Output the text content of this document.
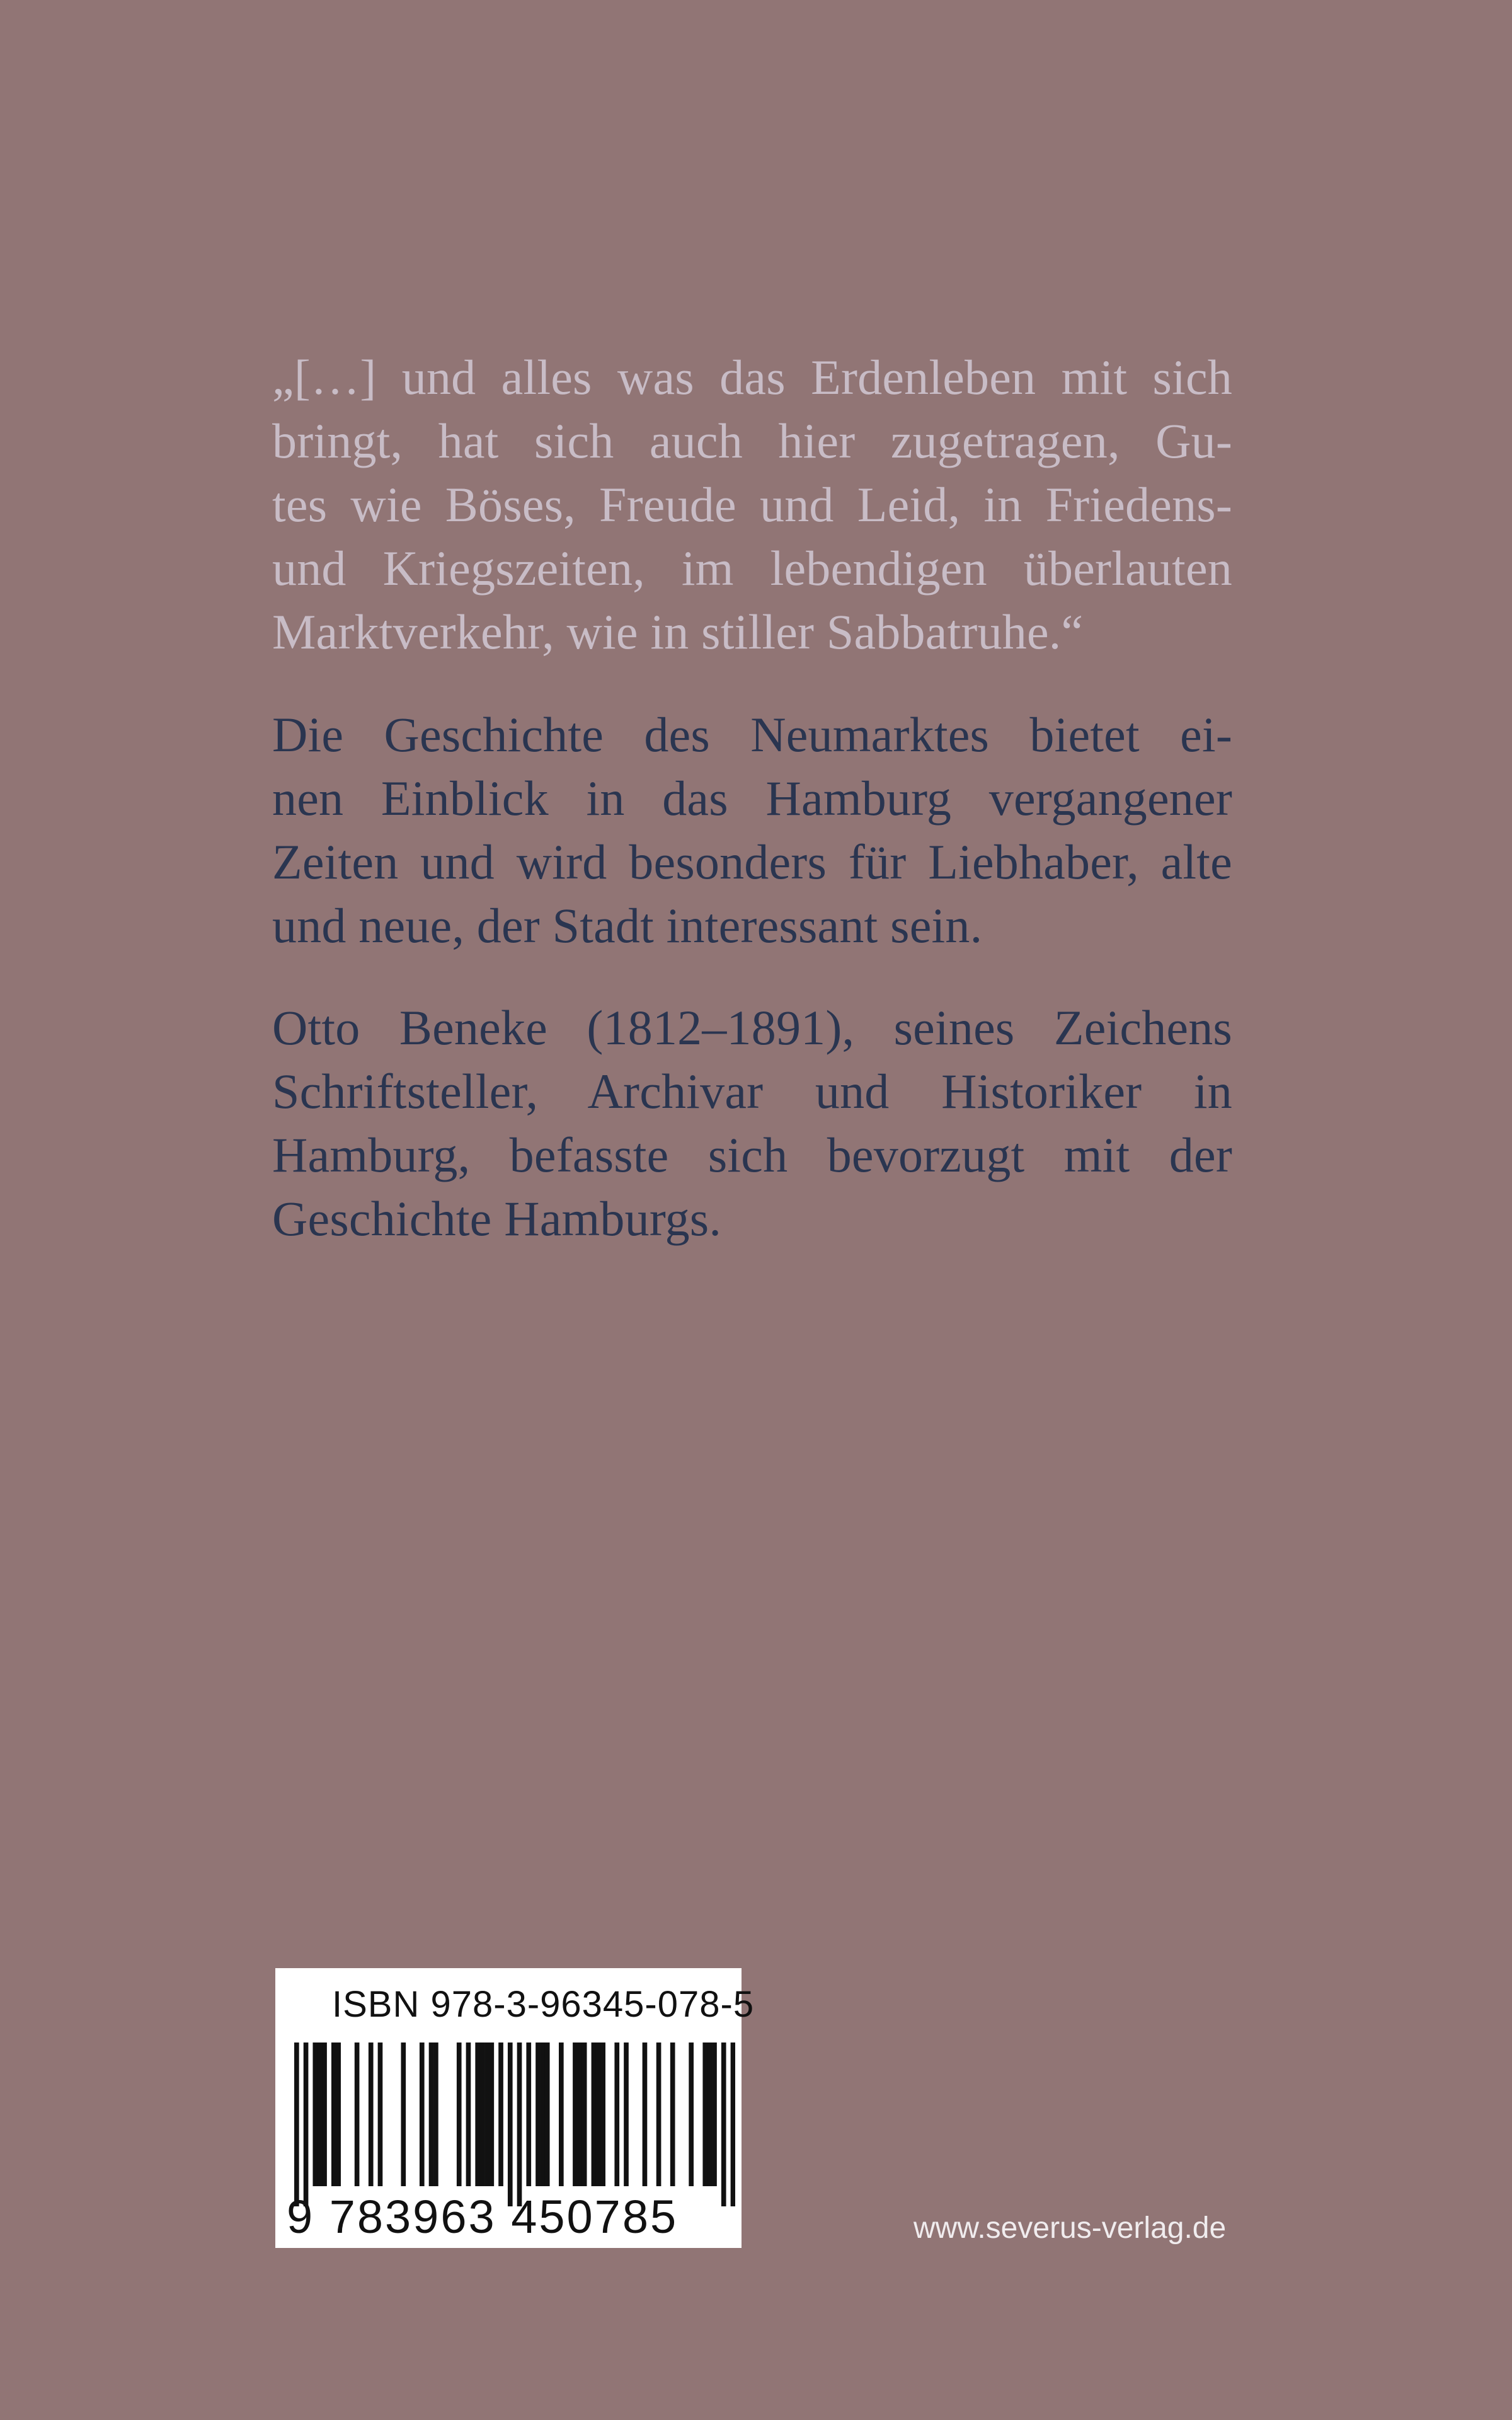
„[…] und alles was das Erdenleben mit sich
bringt, hat sich auch hier zugetragen, Gu-
tes wie Böses, Freude und Leid, in Friedens-
und Kriegszeiten, im lebendigen überlauten
Marktverkehr, wie in stiller Sabbatruhe.“
Die Geschichte des Neumarktes bietet ei-
nen Einblick in das Hamburg vergangener
Zeiten und wird besonders für Liebhaber, alte
und neue, der Stadt interessant sein.
Otto Beneke (1812–1891), seines Zeichens
Schriftsteller, Archivar und Historiker in
Hamburg, befasste sich bevorzugt mit der
Geschichte Hamburgs.
ISBN 978-3-96345-078-5
9 783963 450785	www.severus-verlag.de
